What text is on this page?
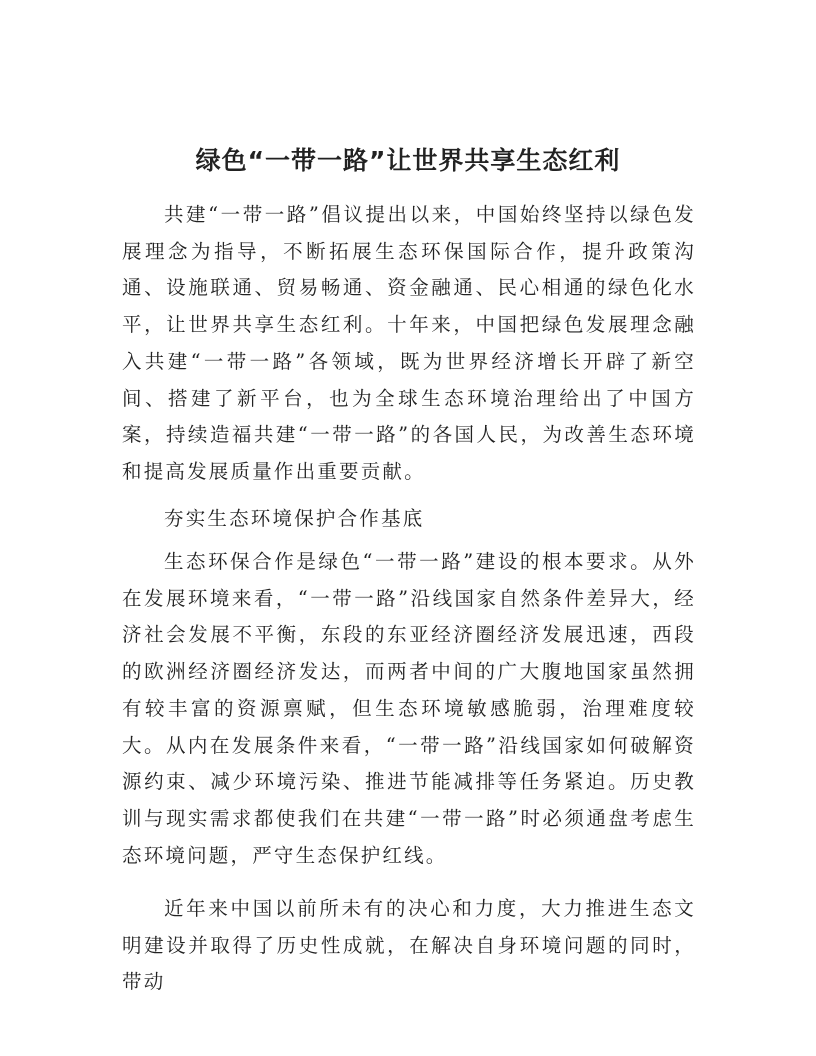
绿色“一带一路”让世界共享生态红利
共建“一带一路”倡议提出以来，中国始终坚持以绿色发展理念为指导，不断拓展生态环保国际合作，提升政策沟通、设施联通、贸易畅通、资金融通、民心相通的绿色化水平，让世界共享生态红利。十年来，中国把绿色发展理念融入共建“一带一路”各领域，既为世界经济增长开辟了新空间、搭建了新平台，也为全球生态环境治理给出了中国方案，持续造福共建“一带一路”的各国人民，为改善生态环境和提高发展质量作出重要贡献。
夯实生态环境保护合作基底
生态环保合作是绿色“一带一路”建设的根本要求。从外在发展环境来看，“一带一路”沿线国家自然条件差异大，经济社会发展不平衡，东段的东亚经济圈经济发展迅速，西段的欧洲经济圈经济发达，而两者中间的广大腹地国家虽然拥有较丰富的资源禀赋，但生态环境敏感脆弱，治理难度较大。从内在发展条件来看，“一带一路”沿线国家如何破解资源约束、减少环境污染、推进节能减排等任务紧迫。历史教训与现实需求都使我们在共建“一带一路”时必须通盘考虑生态环境问题，严守生态保护红线。
近年来中国以前所未有的决心和力度，大力推进生态文明建设并取得了历史性成就，在解决自身环境问题的同时，带动
